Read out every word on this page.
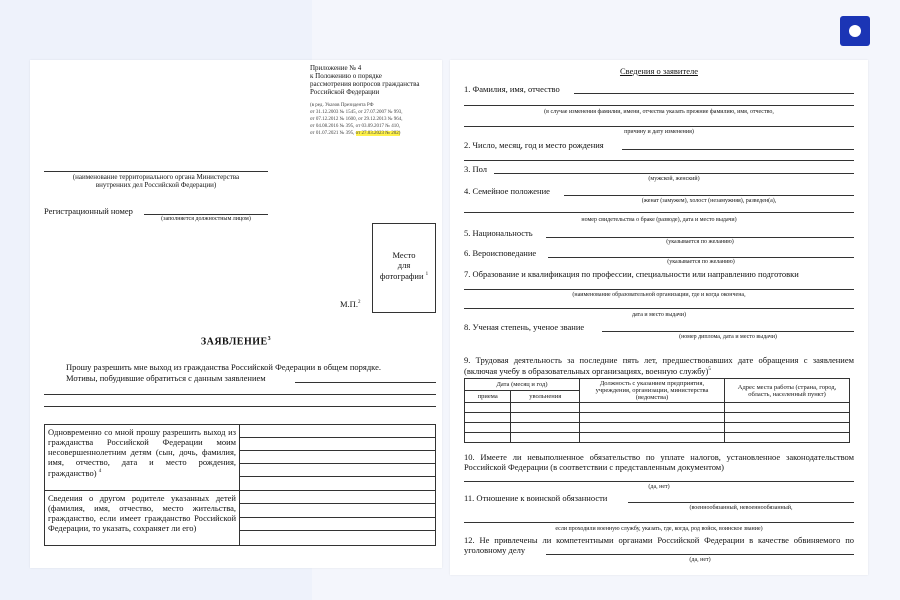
Приложение № 4
к Положению о порядке
рассмотрения вопросов гражданства
Российской Федерации
(в ред. Указов Президента РФ
от 31.12.2003 № 1545, от 27.07.2007 № 993,
от 07.12.2012 № 1600, от 29.12.2013 № 964,
от 04.08.2016 № 395, от 03.09.2017 № 410,
от 01.07.2021 № 395, от 27.03.2023 № 202)
(наименование территориального органа Министерства
внутренних дел Российской Федерации)
Регистрационный номер
(заполняется должностным лицом)
Место
для
фотографии $^1$
М.П.$^2$
ЗАЯВЛЕНИЕ$^3$
Прошу разрешить мне выход из гражданства Российской Федерации в общем порядке.
Мотивы, побудившие обратиться с данным заявлением
Одновременно со мной прошу разрешить выход из гражданства Российской Федерации моим несовершеннолетним детям (сын, дочь, фамилия, имя, отчество, дата и место рождения, гражданство) $^4$	

Сведения о другом родителе указанных детей (фамилия, имя, отчество, место жительства, гражданство, если имеет гражданство Российской Федерации, то указать, сохраняет ли его)	

Сведения о заявителе
1. Фамилия, имя, отчество
(в случае изменения фамилии, имени, отчества указать прежние фамилию, имя, отчество,
причину и дату изменения)
2. Число, месяц, год и место рождения
3. Пол
(мужской, женский)
4. Семейное положение
(женат (замужем), холост (незамужняя), разведен(а),
номер свидетельства о браке (разводе), дата и место выдачи)
5. Национальность
(указывается по желанию)
6. Вероисповедание
(указывается по желанию)
7. Образование и квалификация по профессии, специальности или направлению подготовки
(наименование образовательной организации, где и когда окончена,
дата и место выдачи)
8. Ученая степень, ученое звание
(номер диплома, дата и место выдачи)
9. Трудовая деятельность за последние пять лет, предшествовавших дате обращения с заявлением (включая учебу в образовательных организациях, военную службу)$^5$
Дата (месяц и год)		Должность с указанием предприятия, учреждения, организации, министерства (ведомства)	Адрес места работы (страна, город, область, населенный пункт)
приема	увольнения		

10. Имеете ли невыполненное обязательство по уплате налогов, установленное законодательством Российской Федерации (в соответствии с представленным документом)
(да, нет)
11. Отношение к воинской обязанности
(военнообязанный, невоеннообязанный,
если проходили военную службу, указать, где, когда, род войск, воинское звание)
12. Не привлечены ли компетентными органами Российской Федерации в качестве обвиняемого по уголовному делу
(да, нет)
